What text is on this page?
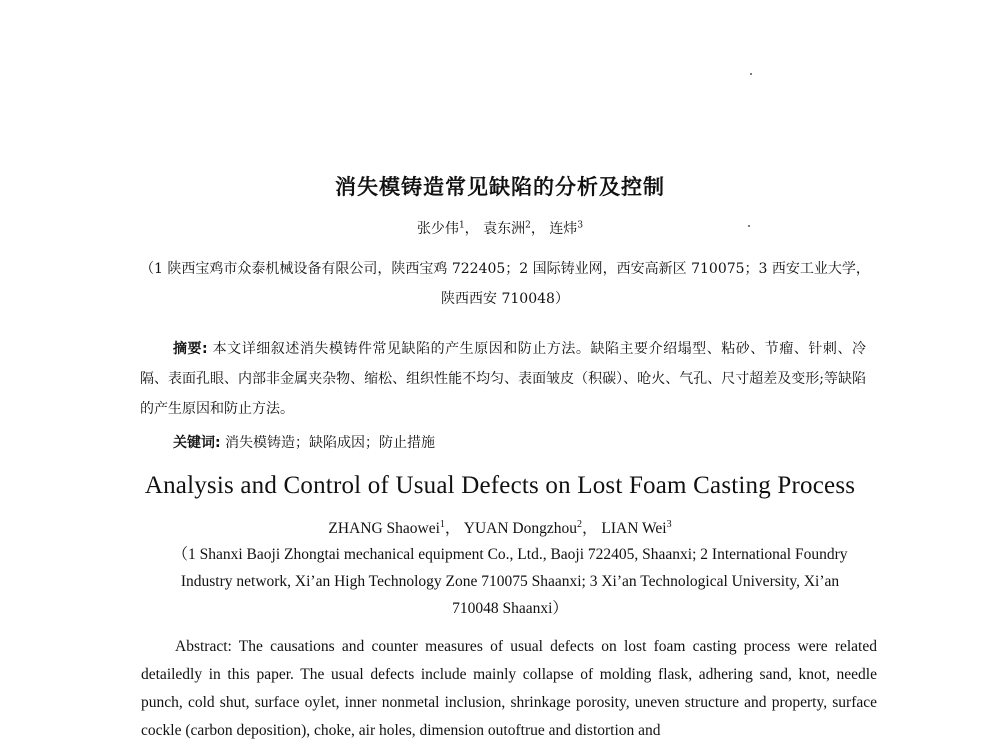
消失模铸造常见缺陷的分析及控制
张少伟$^1$， 袁东洲$^2$， 连炜$^3$
（1 陕西宝鸡市众泰机械设备有限公司，陕西宝鸡 722405；2 国际铸业网，西安高新区 710075；3 西安工业大学，陕西西安 710048）
摘要: 本文详细叙述消失模铸件常见缺陷的产生原因和防止方法。缺陷主要介绍塌型、粘砂、节瘤、针刺、冷隔、表面孔眼、内部非金属夹杂物、缩松、组织性能不均匀、表面皱皮（积碳）、呛火、气孔、尺寸超差及变形;等缺陷的产生原因和防止方法。
关键词: 消失模铸造；缺陷成因；防止措施
Analysis and Control of Usual Defects on Lost Foam Casting Process
ZHANG Shaowei$^1$， YUAN Dongzhou$^2$， LIAN Wei$^3$
（1 Shanxi Baoji Zhongtai mechanical equipment Co., Ltd., Baoji 722405, Shaanxi; 2 International Foundry Industry network, Xi’an High Technology Zone 710075 Shaanxi; 3 Xi’an Technological University, Xi’an 710048 Shaanxi）
Abstract: The causations and counter measures of usual defects on lost foam casting process were related detailedly in this paper. The usual defects include mainly collapse of molding flask, adhering sand, knot, needle punch, cold shut, surface oylet, inner nonmetal inclusion, shrinkage porosity, uneven structure and property, surface cockle (carbon deposition), choke, air holes, dimension outoftrue and distortion and
